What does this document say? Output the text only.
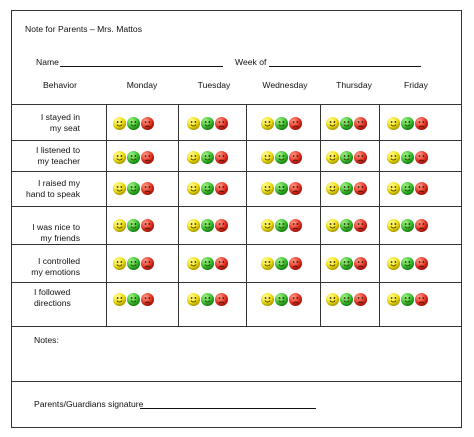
Note for Parents – Mrs. Mattos
Name	Week of
Behavior	Monday	Tuesday	Wednesday	Thursday	Friday
I stayed in
my seat
I listened to
my teacher
I raised my
hand to speak
I was nice to
my friends
I controlled
my emotions
I followed
directions
Notes:
Parents/Guardians signature
